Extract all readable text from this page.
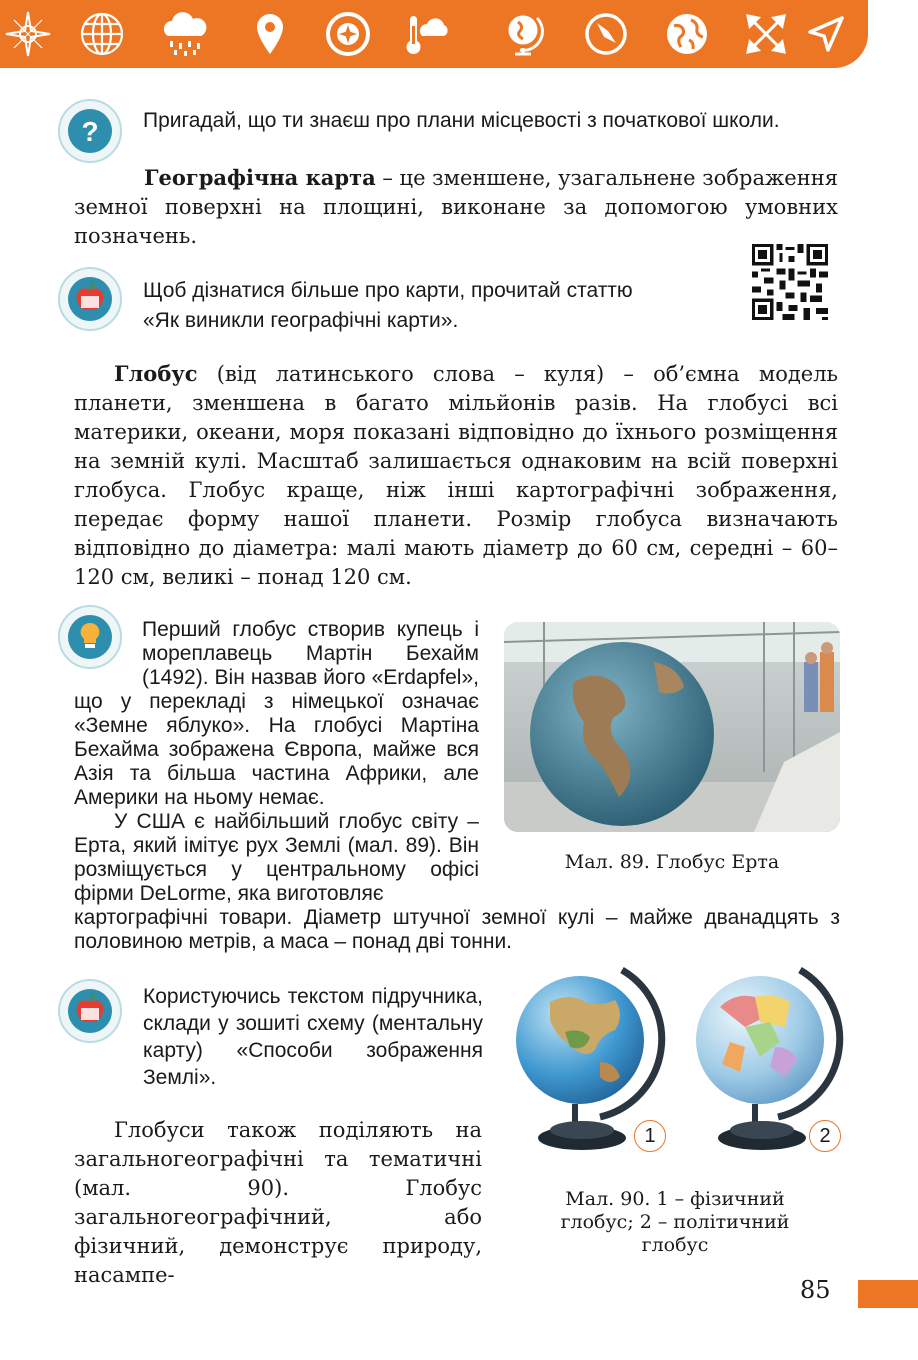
? Пригадай, що ти знаєш про плани місцевості з початкової школи.
Географічна карта – це зменшене, узагальнене зображення земної поверхні на площині, виконане за допомогою умовних позначень.
Щоб дізнатися більше про карти, прочитай статтю
«Як виникли географічні карти».
Глобус (від латинського слова – куля) – об’ємна модель планети, зменшена в багато мільйонів разів. На глобусі всі материки, океани, моря показані відповідно до їхнього розміщення на земній кулі. Масштаб залишається однаковим на всій поверхні глобуса. Глобус краще, ніж інші картографічні зображення, передає форму нашої планети. Розмір глобуса визначають відповідно до діаметра: малі мають діаметр до 60 см, середні – 60–120 см, великі – понад 120 см.
Перший глобус створив купець і мореплавець Мартін Бехайм (1492). Він назвав його «Erdapfel», що у перекладі з німецької означає «Земне яблуко». На глобусі Мартіна Бехайма зображена Європа, майже вся Азія та більша частина Африки, але Америки на ньому немає.
У США є найбільший глобус світу – Ерта, який імітує рух Землі (мал. 89). Він розміщується у центральному офісі фірми DeLorme, яка виготовляє
картографічні товари. Діаметр штучної земної кулі – майже дванадцять з половиною метрів, а маса – понад дві тонни.
Мал. 89. Глобус Ерта
Користуючись текстом підручника, склади у зошиті схему (ментальну карту) «Способи зображення Землі».
Глобуси також поділяють на загальногеографічні та тематичні (мал. 90). Глобус загальногеографічний, або фізичний, демонструє природу, насампе-
1	2
Мал. 90. 1 – фізичний глобус; 2 – політичний глобус
85
